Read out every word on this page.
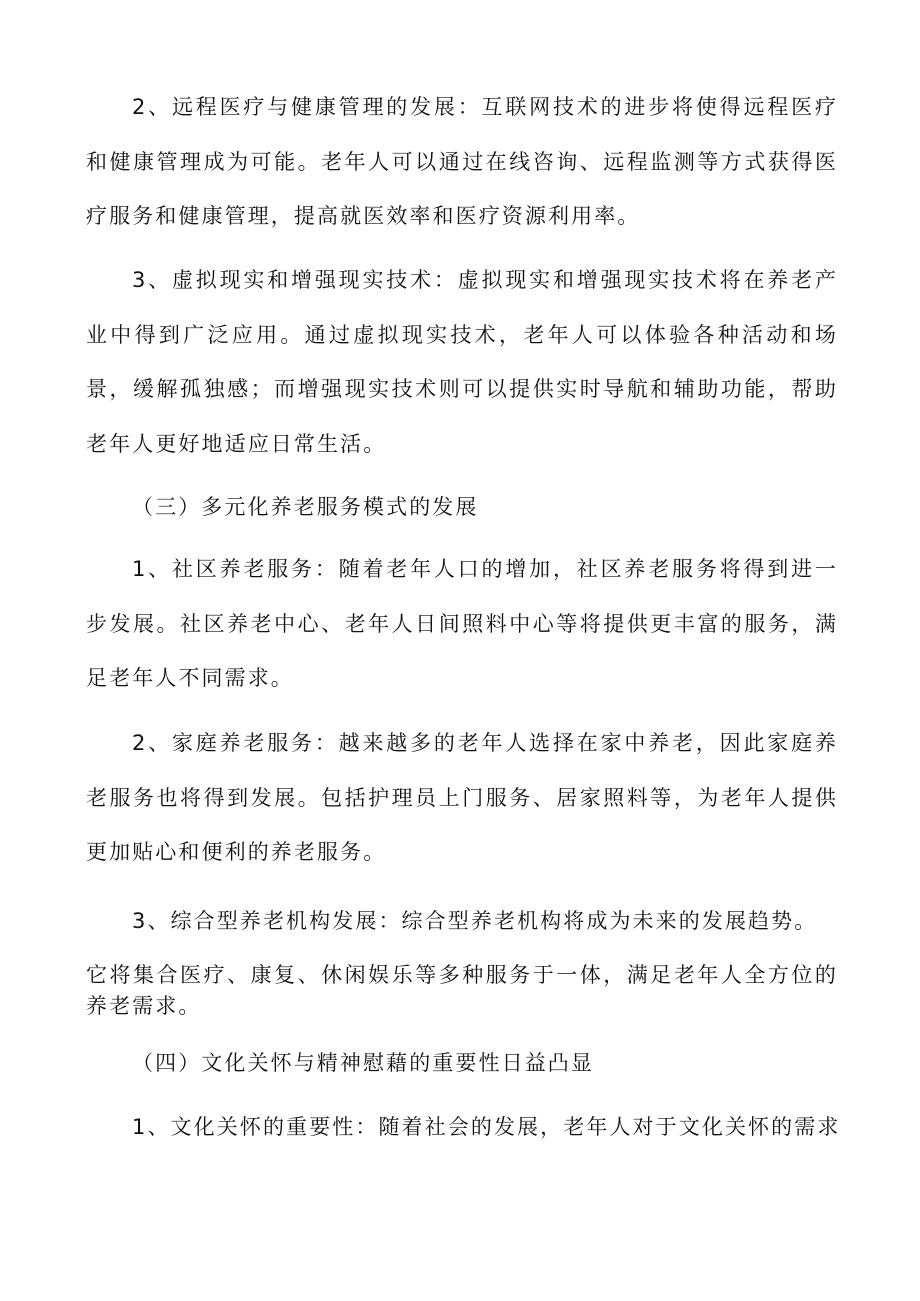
2、远程医疗与健康管理的发展：互联网技术的进步将使得远程医疗和健康管理成为可能。老年人可以通过在线咨询、远程监测等方式获得医疗服务和健康管理，提高就医效率和医疗资源利用率。

3、虚拟现实和增强现实技术：虚拟现实和增强现实技术将在养老产业中得到广泛应用。通过虚拟现实技术，老年人可以体验各种活动和场景，缓解孤独感；而增强现实技术则可以提供实时导航和辅助功能，帮助老年人更好地适应日常生活。

（三）多元化养老服务模式的发展

1、社区养老服务：随着老年人口的增加，社区养老服务将得到进一步发展。社区养老中心、老年人日间照料中心等将提供更丰富的服务，满足老年人不同需求。

2、家庭养老服务：越来越多的老年人选择在家中养老，因此家庭养老服务也将得到发展。包括护理员上门服务、居家照料等，为老年人提供更加贴心和便利的养老服务。

3、综合型养老机构发展：综合型养老机构将成为未来的发展趋势。

它将集合医疗、康复、休闲娱乐等多种服务于一体，满足老年人全方位的养老需求。

（四）文化关怀与精神慰藉的重要性日益凸显

1、文化关怀的重要性：随着社会的发展，老年人对于文化关怀的需求
